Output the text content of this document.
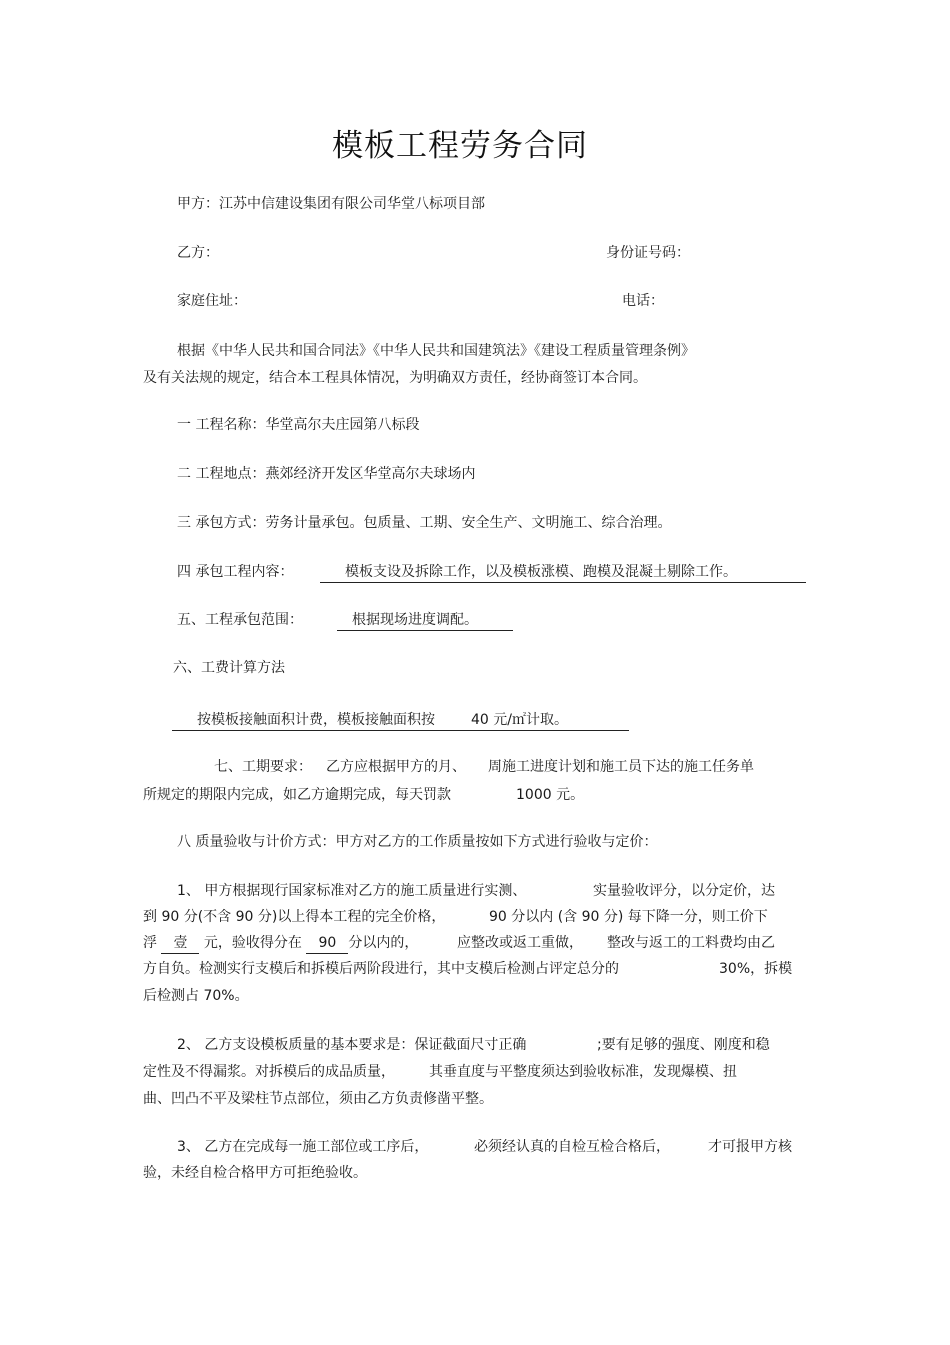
模板工程劳务合同
甲方：江苏中信建设集团有限公司华堂八标项目部
乙方：	身份证号码：
家庭住址：	电话：
根据《中华人民共和国合同法》《中华人民共和国建筑法》《建设工程质量管理条例》
及有关法规的规定，结合本工程具体情况，为明确双方责任，经协商签订本合同。
一 工程名称：华堂高尔夫庄园第八标段
二 工程地点：燕郊经济开发区华堂高尔夫球场内
三 承包方式：劳务计量承包。包质量、工期、安全生产、文明施工、综合治理。
四 承包工程内容：	模板支设及拆除工作，以及模板涨模、跑模及混凝土剔除工作。
五、工程承包范围：	根据现场进度调配。
六、工费计算方法
按模板接触面积计费，模板接触面积按	40 元/㎡计取。
七、工期要求： 乙方应根据甲方的月、 周施工进度计划和施工员下达的施工任务单
所规定的期限内完成，如乙方逾期完成，每天罚款	1000 元。
八 质量验收与计价方式：甲方对乙方的工作质量按如下方式进行验收与定价：
1、 甲方根据现行国家标准对乙方的施工质量进行实测、	实量验收评分，以分定价，达
到 90 分(不含 90 分)以上得本工程的完全价格，	90 分以内 (含 90 分) 每下降一分，则工价下
浮 壹 元，验收得分在 90 分以内的，	应整改或返工重做， 整改与返工的工料费均由乙
方自负。检测实行支模后和拆模后两阶段进行，其中支模后检测占评定总分的	30%，拆模
后检测占 70%。
2、 乙方支设模板质量的基本要求是：保证截面尺寸正确	;要有足够的强度、刚度和稳
定性及不得漏浆。对拆模后的成品质量， 其垂直度与平整度须达到验收标准，发现爆模、扭
曲、凹凸不平及梁柱节点部位，须由乙方负责修凿平整。
3、 乙方在完成每一施工部位或工序后，	必须经认真的自检互检合格后，	才可报甲方核
验，未经自检合格甲方可拒绝验收。
